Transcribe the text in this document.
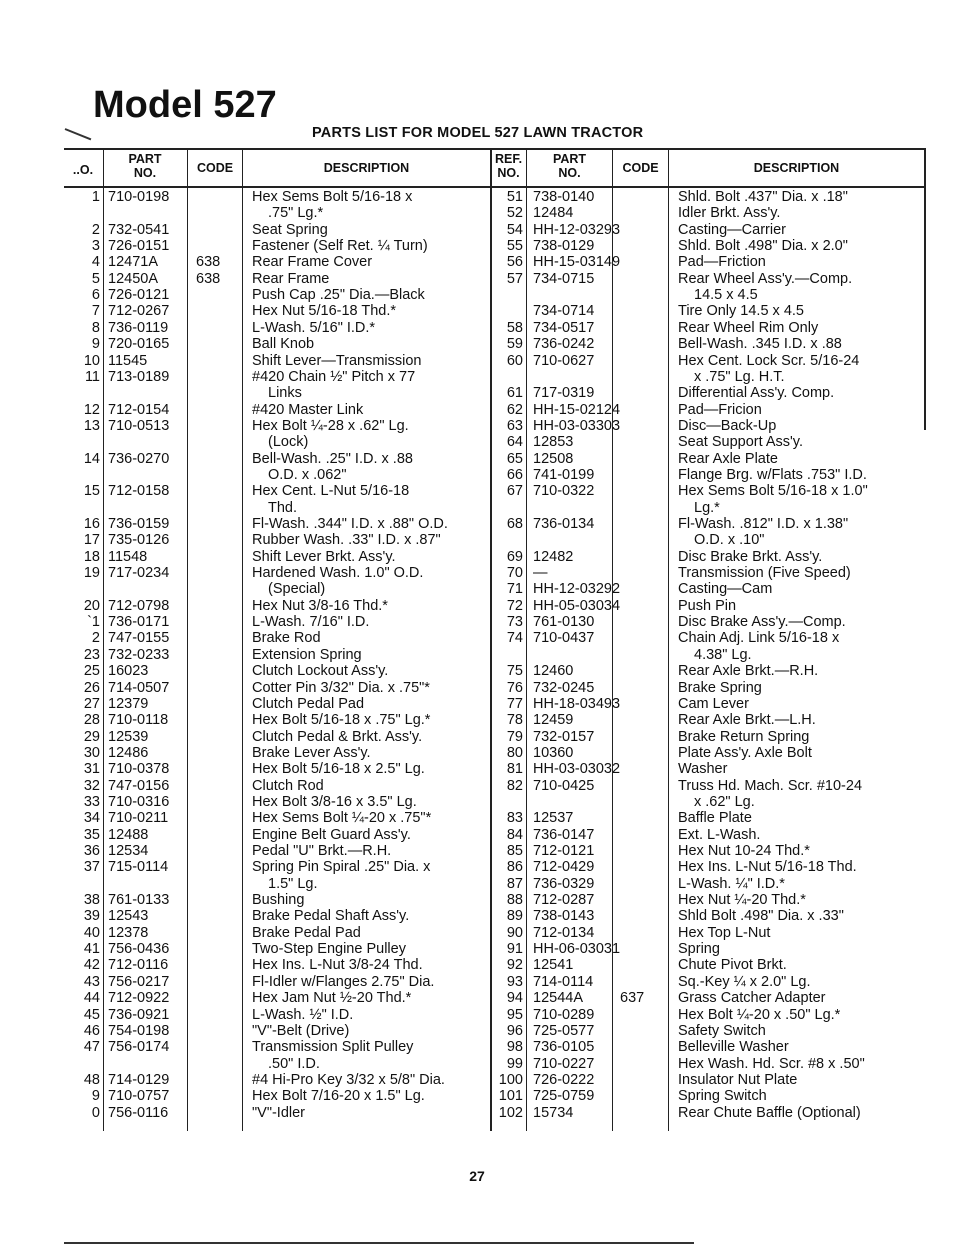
Model 527
PARTS LIST FOR MODEL 527 LAWN TRACTOR
..O.
PART
NO.	CODE	DESCRIPTION
REF.
NO.
PART
NO.	CODE	DESCRIPTION
1 710-0198	Hex Sems Bolt 5/16-18 x
.75" Lg.*
2 732-0541	Seat Spring
3 726-0151	Fastener (Self Ret. ¼ Turn)
4 12471A	638	Rear Frame Cover
5 12450A	638	Rear Frame
6 726-0121	Push Cap .25" Dia.—Black
7 712-0267	Hex Nut 5/16-18 Thd.*
8 736-0119	L-Wash. 5/16" I.D.*
9 720-0165	Ball Knob
10 11545	Shift Lever—Transmission
11 713-0189	#420 Chain ½" Pitch x 77
Links
12 712-0154	#420 Master Link
13 710-0513	Hex Bolt ¼-28 x .62" Lg.
(Lock)
14 736-0270	Bell-Wash. .25" I.D. x .88
O.D. x .062"
15 712-0158	Hex Cent. L-Nut 5/16-18
Thd.
16 736-0159	Fl-Wash. .344" I.D. x .88" O.D.
17 735-0126	Rubber Wash. .33" I.D. x .87"
18 11548	Shift Lever Brkt. Ass'y.
19 717-0234	Hardened Wash. 1.0" O.D.
(Special)
20 712-0798	Hex Nut 3/8-16 Thd.*
`1 736-0171	L-Wash. 7/16" I.D.
2 747-0155	Brake Rod
23 732-0233	Extension Spring
25 16023	Clutch Lockout Ass'y.
26 714-0507	Cotter Pin 3/32" Dia. x .75"*
27 12379	Clutch Pedal Pad
28 710-0118	Hex Bolt 5/16-18 x .75" Lg.*
29 12539	Clutch Pedal & Brkt. Ass'y.
30 12486	Brake Lever Ass'y.
31 710-0378	Hex Bolt 5/16-18 x 2.5" Lg.
32 747-0156	Clutch Rod
33 710-0316	Hex Bolt 3/8-16 x 3.5" Lg.
34 710-0211	Hex Sems Bolt ¼-20 x .75"*
35 12488	Engine Belt Guard Ass'y.
36 12534	Pedal "U" Brkt.—R.H.
37 715-0114	Spring Pin Spiral .25" Dia. x
1.5" Lg.
38 761-0133	Bushing
39 12543	Brake Pedal Shaft Ass'y.
40 12378	Brake Pedal Pad
41 756-0436	Two-Step Engine Pulley
42 712-0116	Hex Ins. L-Nut 3/8-24 Thd.
43 756-0217	Fl-Idler w/Flanges 2.75" Dia.
44 712-0922	Hex Jam Nut ½-20 Thd.*
45 736-0921	L-Wash. ½" I.D.
46 754-0198	"V"-Belt (Drive)
47 756-0174	Transmission Split Pulley
.50" I.D.
48 714-0129	#4 Hi-Pro Key 3/32 x 5/8" Dia.
9 710-0757	Hex Bolt 7/16-20 x 1.5" Lg.
0 756-0116	"V"-Idler
51 738-0140	Shld. Bolt .437" Dia. x .18"
52 12484	Idler Brkt. Ass'y.
54 HH-12-03293	Casting—Carrier
55 738-0129	Shld. Bolt .498" Dia. x 2.0"
56 HH-15-03149	Pad—Friction
57 734-0715	Rear Wheel Ass'y.—Comp.
14.5 x 4.5
734-0714	Tire Only 14.5 x 4.5
58 734-0517	Rear Wheel Rim Only
59 736-0242	Bell-Wash. .345 I.D. x .88
60 710-0627	Hex Cent. Lock Scr. 5/16-24
x .75" Lg. H.T.
61 717-0319	Differential Ass'y. Comp.
62 HH-15-02124	Pad—Fricion
63 HH-03-03303	Disc—Back-Up
64 12853	Seat Support Ass'y.
65 12508	Rear Axle Plate
66 741-0199	Flange Brg. w/Flats .753" I.D.
67 710-0322	Hex Sems Bolt 5/16-18 x 1.0"
Lg.*
68 736-0134	Fl-Wash. .812" I.D. x 1.38"
O.D. x .10"
69 12482	Disc Brake Brkt. Ass'y.
70 —	Transmission (Five Speed)
71 HH-12-03292	Casting—Cam
72 HH-05-03034	Push Pin
73 761-0130	Disc Brake Ass'y.—Comp.
74 710-0437	Chain Adj. Link 5/16-18 x
4.38" Lg.
75 12460	Rear Axle Brkt.—R.H.
76 732-0245	Brake Spring
77 HH-18-03493	Cam Lever
78 12459	Rear Axle Brkt.—L.H.
79 732-0157	Brake Return Spring
80 10360	Plate Ass'y. Axle Bolt
81 HH-03-03032	Washer
82 710-0425	Truss Hd. Mach. Scr. #10-24
x .62" Lg.
83 12537	Baffle Plate
84 736-0147	Ext. L-Wash.
85 712-0121	Hex Nut 10-24 Thd.*
86 712-0429	Hex Ins. L-Nut 5/16-18 Thd.
87 736-0329	L-Wash. ¼" I.D.*
88 712-0287	Hex Nut ¼-20 Thd.*
89 738-0143	Shld Bolt .498" Dia. x .33"
90 712-0134	Hex Top L-Nut
91 HH-06-03031	Spring
92 12541	Chute Pivot Brkt.
93 714-0114	Sq.-Key ¼ x 2.0" Lg.
94 12544A	637	Grass Catcher Adapter
95 710-0289	Hex Bolt ¼-20 x .50" Lg.*
96 725-0577	Safety Switch
98 736-0105	Belleville Washer
99 710-0227	Hex Wash. Hd. Scr. #8 x .50"
100 726-0222	Insulator Nut Plate
101 725-0759	Spring Switch
102 15734	Rear Chute Baffle (Optional)
27
